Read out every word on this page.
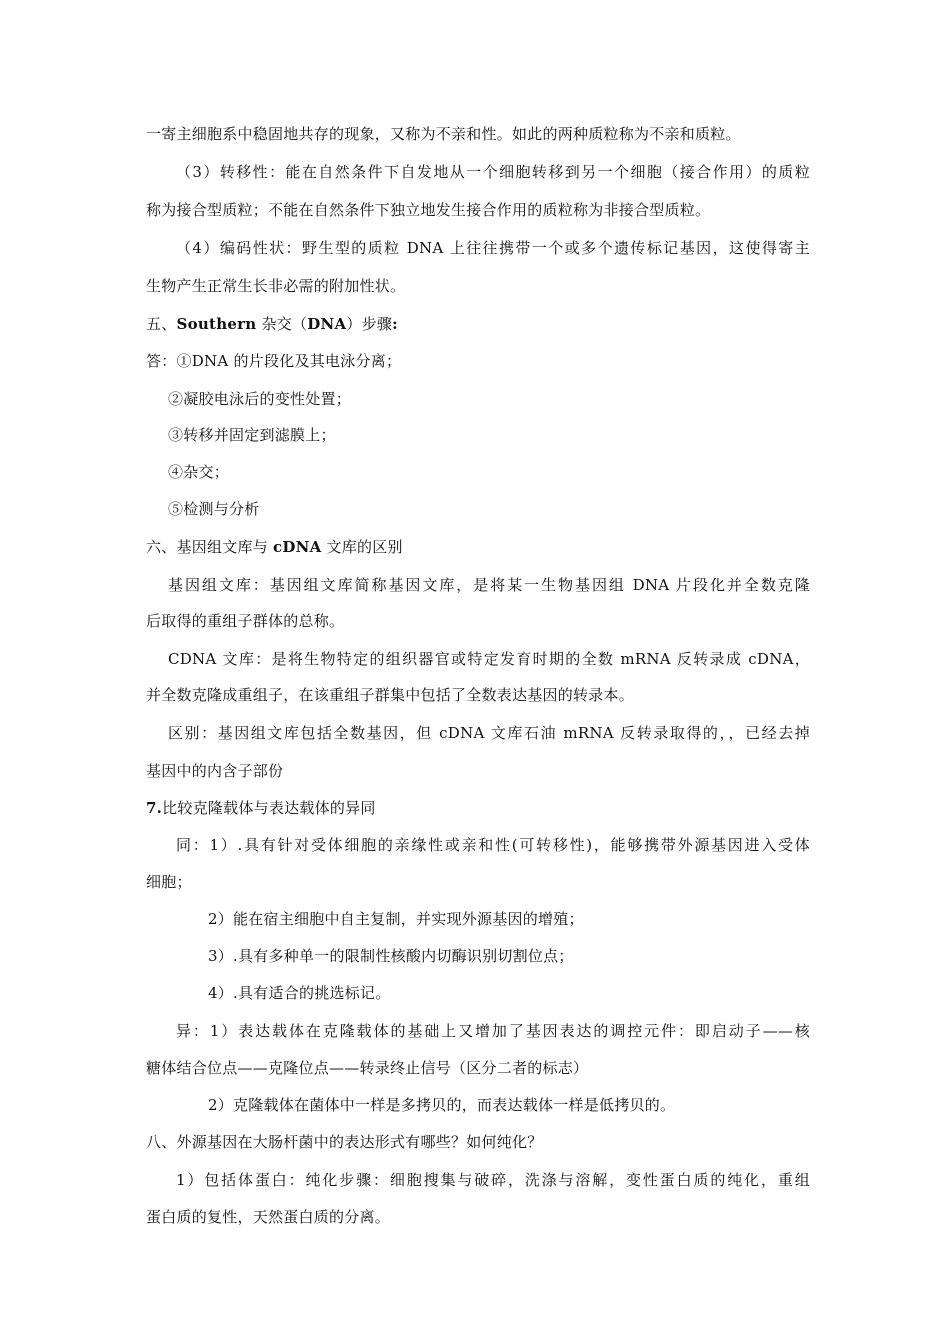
一寄主细胞系中稳固地共存的现象，又称为不亲和性。如此的两种质粒称为不亲和质粒。
（3）转移性：能在自然条件下自发地从一个细胞转移到另一个细胞（接合作用）的质粒
称为接合型质粒；不能在自然条件下独立地发生接合作用的质粒称为非接合型质粒。
（4）编码性状：野生型的质粒 DNA 上往往携带一个或多个遗传标记基因，这使得寄主
生物产生正常生长非必需的附加性状。
五、Southern 杂交（DNA）步骤:
答：①DNA 的片段化及其电泳分离；
②凝胶电泳后的变性处置；
③转移并固定到滤膜上；
④杂交；
⑤检测与分析
六、基因组文库与 cDNA 文库的区别
基因组文库：基因组文库简称基因文库，是将某一生物基因组 DNA 片段化并全数克隆
后取得的重组子群体的总称。
CDNA 文库：是将生物特定的组织器官或特定发育时期的全数 mRNA 反转录成 cDNA，
并全数克隆成重组子，在该重组子群集中包括了全数表达基因的转录本。
区别：基因组文库包括全数基因，但 cDNA 文库石油 mRNA 反转录取得的，，已经去掉
基因中的内含子部份
7.比较克隆载体与表达载体的异同
同：1）.具有针对受体细胞的亲缘性或亲和性(可转移性)，能够携带外源基因进入受体
细胞；
2）能在宿主细胞中自主复制，并实现外源基因的增殖；
3）.具有多种单一的限制性核酸内切酶识别切割位点；
4）.具有适合的挑选标记。
异：1）表达载体在克隆载体的基础上又增加了基因表达的调控元件：即启动子——核
糖体结合位点——克隆位点——转录终止信号（区分二者的标志）
2）克隆载体在菌体中一样是多拷贝的，而表达载体一样是低拷贝的。
八、外源基因在大肠杆菌中的表达形式有哪些？如何纯化？
1）包括体蛋白：纯化步骤：细胞搜集与破碎，洗涤与溶解，变性蛋白质的纯化，重组
蛋白质的复性，天然蛋白质的分离。
